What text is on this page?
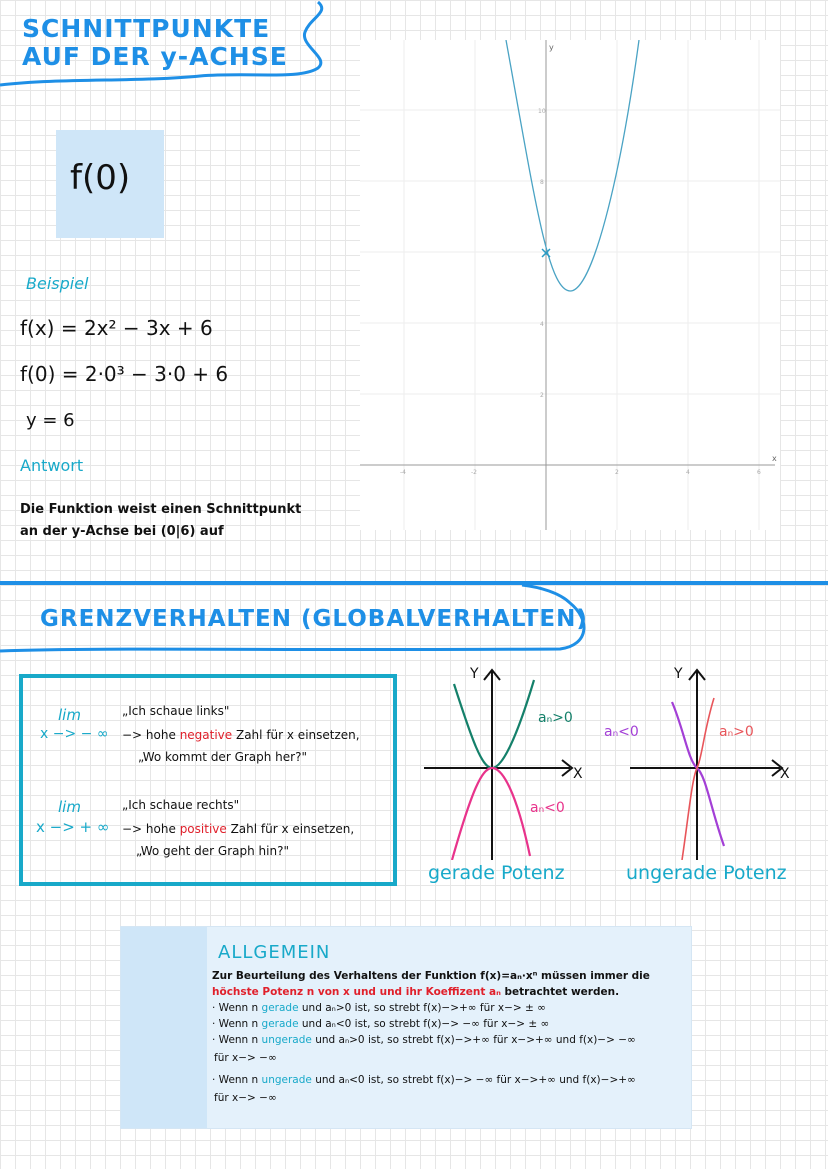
SCHNITTPUNKTE
AUF DER y-ACHSE
f(0)
Beispiel
f(x) = 2x² − 3x + 6
f(0) = 2·0³ − 3·0 + 6
y = 6
Antwort
Die Funktion weist einen Schnittpunkt
an der y-Achse bei (0|6) auf
y
x
10
8
4
2
-4	-2	2	4	6
GRENZVERHALTEN (GLOBALVERHALTEN)
lim
x −> − ∞
„Ich schaue links"
−> hohe negative Zahl für x einsetzen,
„Wo kommt der Graph her?"
lim
x −> + ∞
„Ich schaue rechts"
−> hohe positive Zahl für x einsetzen,
„Wo geht der Graph hin?"
Y
X
aₙ>0
aₙ<0
gerade Potenz
Y
X
aₙ<0	aₙ>0
ungerade Potenz
ALLGEMEIN
Zur Beurteilung des Verhaltens der Funktion f(x)=aₙ·xⁿ müssen immer die
höchste Potenz n von x und und ihr Koeffizent aₙ betrachtet werden.
· Wenn n gerade und aₙ>0 ist, so strebt f(x)−>+∞ für x−> ± ∞
· Wenn n gerade und aₙ<0 ist, so strebt f(x)−> −∞ für x−> ± ∞
· Wenn n ungerade und aₙ>0 ist, so strebt f(x)−>+∞ für x−>+∞ und f(x)−> −∞
für x−> −∞
· Wenn n ungerade und aₙ<0 ist, so strebt f(x)−> −∞ für x−>+∞ und f(x)−>+∞
für x−> −∞
